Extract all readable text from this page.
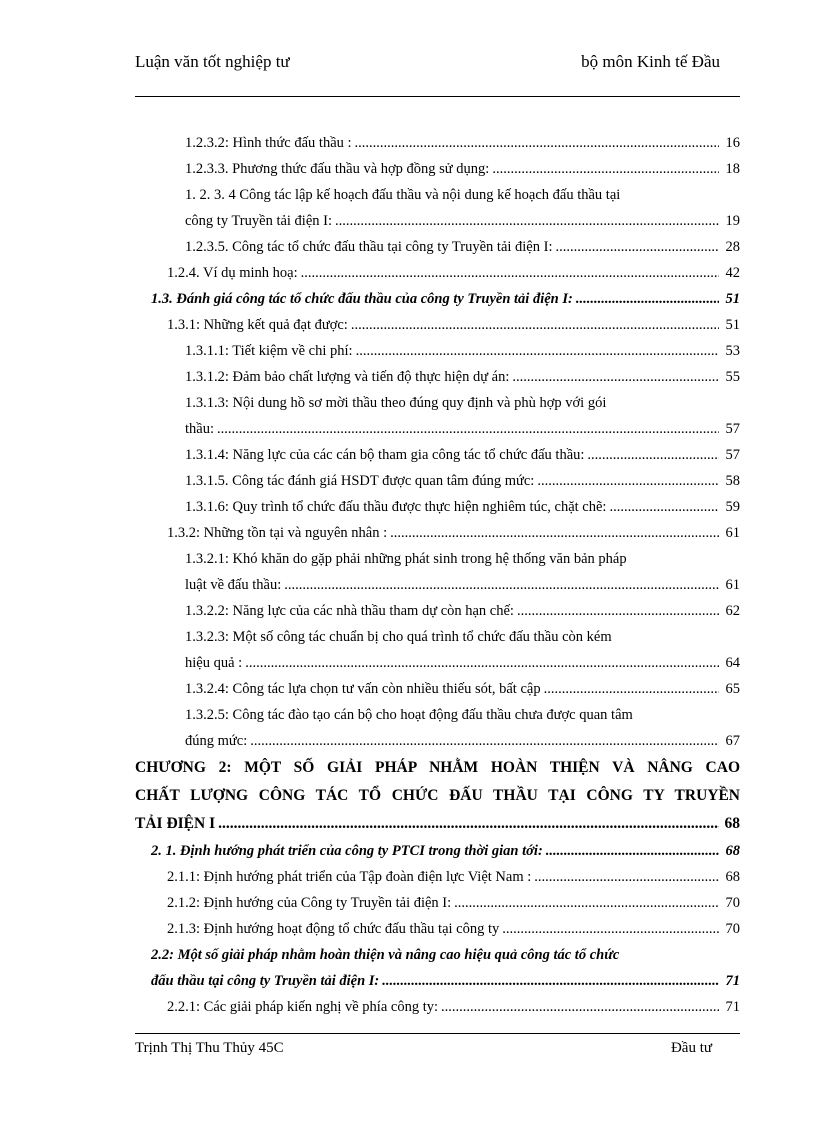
Luận văn tốt nghiệp tư	bộ môn Kinh tế Đầu
1.2.3.2: Hình thức đấu thầu : .....	16
1.2.3.3. Phương thức đấu thầu và hợp đồng sử dụng: .....	18
1. 2. 3. 4 Công tác lập kế hoạch đấu thầu và nội dung kế hoạch đấu thầu tại
công ty Truyền tải điện I: .....	19
1.2.3.5. Công tác tổ chức đấu thầu tại công ty Truyền tải điện I: .....	28
1.2.4. Ví dụ minh hoạ: .....	42
1.3. Đánh giá công tác tổ chức đấu thầu của công ty Truyền tải điện I: .....	51
1.3.1: Những kết quả đạt được: .....	51
1.3.1.1: Tiết kiệm về chi phí: .....	53
1.3.1.2: Đảm bảo chất lượng và tiến độ thực hiện dự án: .....	55
1.3.1.3: Nội dung hồ sơ mời thầu theo đúng quy định và phù hợp với gói
thầu: .....	57
1.3.1.4: Năng lực của các cán bộ tham gia công tác tổ chức đấu thầu: .....	57
1.3.1.5. Công tác đánh giá HSDT được quan tâm đúng mức: .....	58
1.3.1.6: Quy trình tổ chức đấu thầu được thực hiện nghiêm túc, chặt chẽ: .....	59
1.3.2: Những tồn tại và nguyên nhân : .....	61
1.3.2.1: Khó khăn do gặp phải những phát sinh trong hệ thống văn bản pháp
luật về đấu thầu: .....	61
1.3.2.2: Năng lực của các nhà thầu tham dự còn hạn chế: .....	62
1.3.2.3: Một số công tác chuẩn bị cho quá trình tổ chức đấu thầu còn kém
hiệu quả : .....	64
1.3.2.4: Công tác lựa chọn tư vấn còn nhiều thiếu sót, bất cập .....	65
1.3.2.5: Công tác đào tạo cán bộ cho hoạt động đấu thầu chưa được quan tâm
đúng mức: .....	67
CHƯƠNG 2: MỘT SỐ GIẢI PHÁP NHẰM HOÀN THIỆN VÀ NÂNG CAO
CHẤT LƯỢNG CÔNG TÁC TỔ CHỨC ĐẤU THẦU TẠI CÔNG TY TRUYỀN
TẢI ĐIỆN I .....	68
2. 1. Định hướng phát triển của công ty PTCI trong thời gian tới: .....	68
2.1.1: Định hướng phát triển của Tập đoàn điện lực Việt Nam : .....	68
2.1.2: Định hướng của Công ty Truyền tải điện I: .....	70
2.1.3: Định hướng hoạt động tổ chức đấu thầu tại công ty .....	70
2.2: Một số giải pháp nhằm hoàn thiện và nâng cao hiệu quả công tác tổ chức
đấu thầu tại công ty Truyền tải điện I: .....	71
2.2.1: Các giải pháp kiến nghị về phía công ty: .....	71
Trịnh Thị Thu Thủy 45C	Đầu tư
